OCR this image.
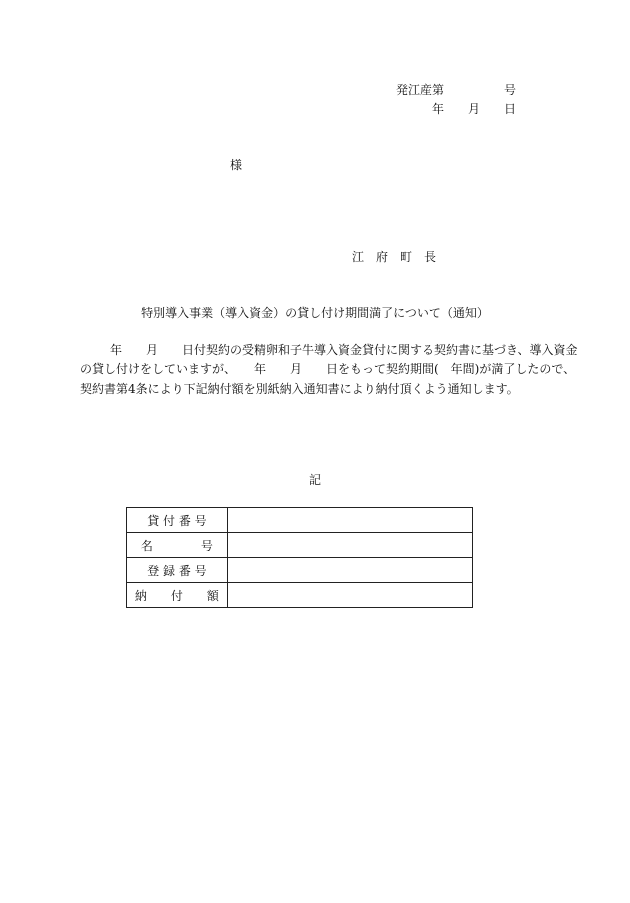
発江産第　　　　　号
年　　月　　日
様
江　府　町　長
特別導入事業（導入資金）の貸し付け期間満了について（通知）
年　　月　　日付契約の受精卵和子牛導入資金貸付に関する契約書に基づき、導入資金
の貸し付けをしていますが、　　年　　月　　日をもって契約期間(　年間)が満了したので、
契約書第4条により下記納付額を別紙納入通知書により納付頂くよう通知します。
記
貸 付 番 号	
名　　　　号	
登 録 番 号	
納　　付　　額	
